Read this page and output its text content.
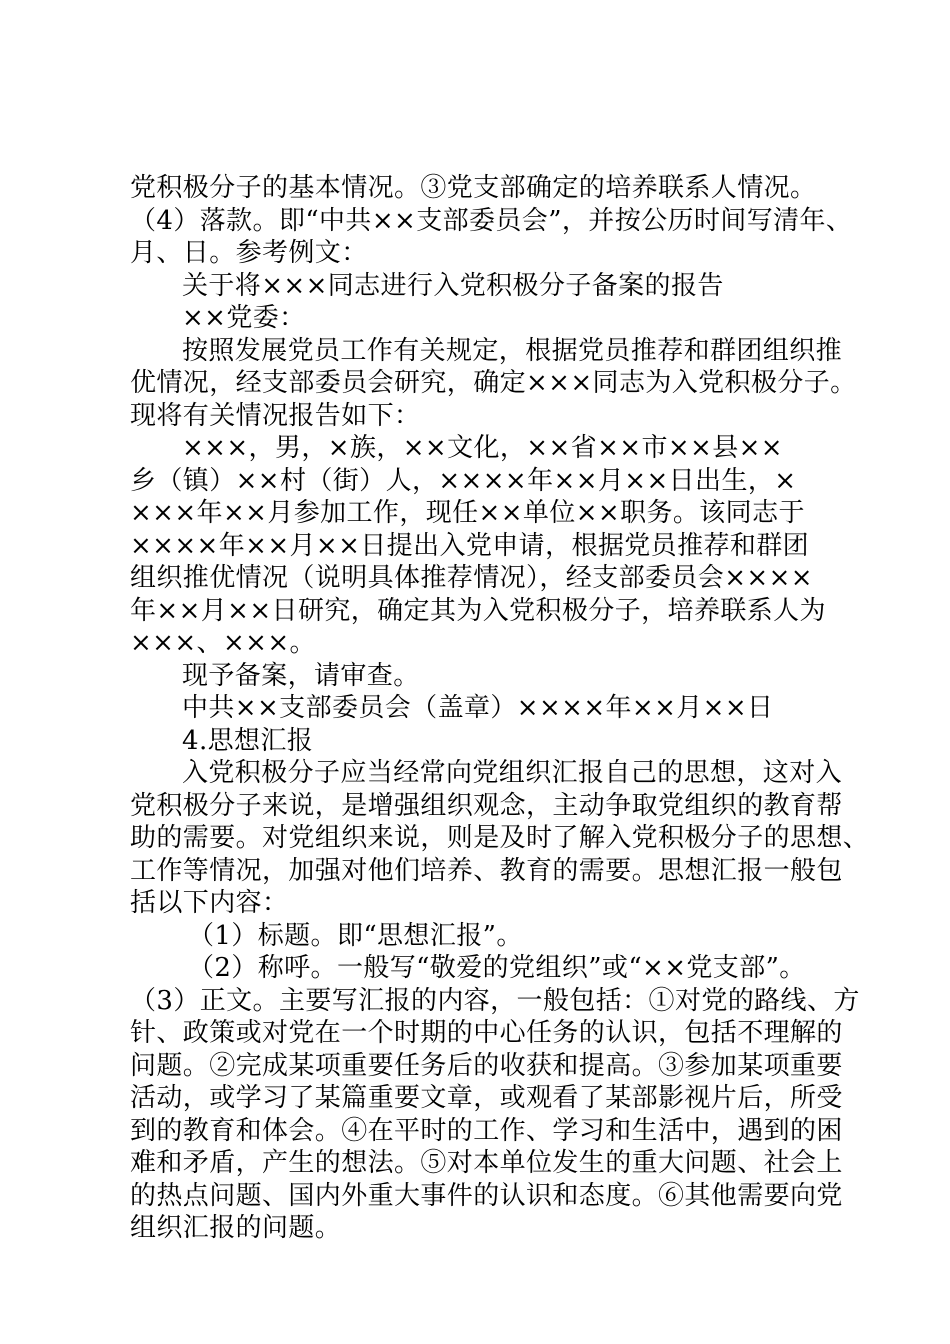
党积极分子的基本情况。③党支部确定的培养联系人情况。
（4）落款。即“中共××支部委员会”，并按公历时间写清年、
月、日。参考例文：
关于将×××同志进行入党积极分子备案的报告
××党委：
按照发展党员工作有关规定，根据党员推荐和群团组织推
优情况，经支部委员会研究，确定×××同志为入党积极分子。
现将有关情况报告如下：
×××，男，×族，××文化，××省××市××县××
乡（镇）××村（街）人，××××年××月××日出生，×
×××年××月参加工作，现任××单位××职务。该同志于
××××年××月××日提出入党申请，根据党员推荐和群团
组织推优情况（说明具体推荐情况），经支部委员会××××
年××月××日研究，确定其为入党积极分子，培养联系人为
×××、×××。
现予备案，请审查。
中共××支部委员会（盖章）××××年××月××日
4.思想汇报
入党积极分子应当经常向党组织汇报自己的思想，这对入
党积极分子来说，是增强组织观念，主动争取党组织的教育帮
助的需要。对党组织来说，则是及时了解入党积极分子的思想、
工作等情况，加强对他们培养、教育的需要。思想汇报一般包
括以下内容：
（1）标题。即“思想汇报”。
（2）称呼。一般写“敬爱的党组织”或“××党支部”。
（3）正文。主要写汇报的内容，一般包括：①对党的路线、方
针、政策或对党在一个时期的中心任务的认识，包括不理解的
问题。②完成某项重要任务后的收获和提高。③参加某项重要
活动，或学习了某篇重要文章，或观看了某部影视片后，所受
到的教育和体会。④在平时的工作、学习和生活中，遇到的困
难和矛盾，产生的想法。⑤对本单位发生的重大问题、社会上
的热点问题、国内外重大事件的认识和态度。⑥其他需要向党
组织汇报的问题。
